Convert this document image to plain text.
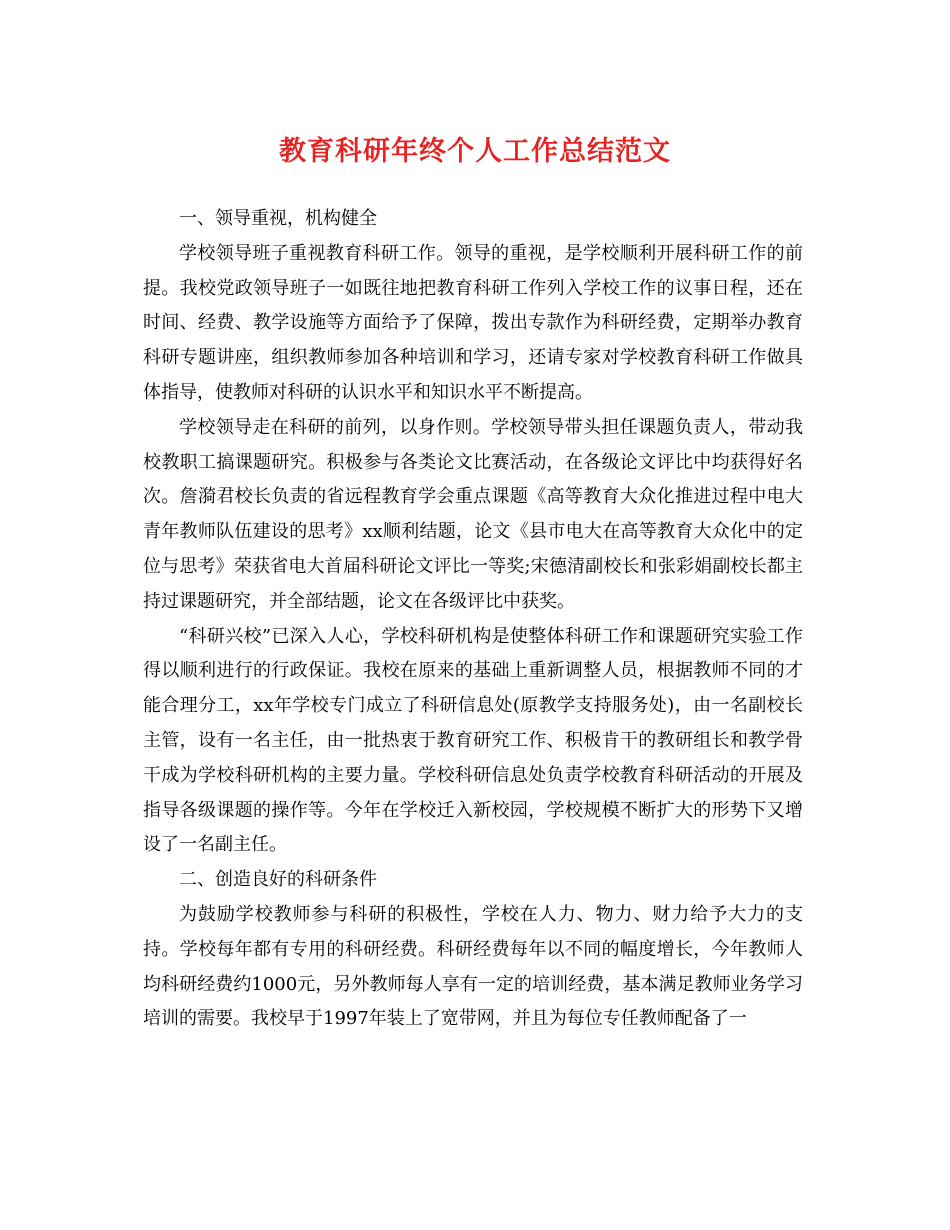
教育科研年终个人工作总结范文

一、领导重视，机构健全

学校领导班子重视教育科研工作。领导的重视，是学校顺利开展科研工作的前提。我校党政领导班子一如既往地把教育科研工作列入学校工作的议事日程，还在时间、经费、教学设施等方面给予了保障，拨出专款作为科研经费，定期举办教育科研专题讲座，组织教师参加各种培训和学习，还请专家对学校教育科研工作做具体指导，使教师对科研的认识水平和知识水平不断提高。

学校领导走在科研的前列，以身作则。学校领导带头担任课题负责人，带动我校教职工搞课题研究。积极参与各类论文比赛活动，在各级论文评比中均获得好名次。詹漪君校长负责的省远程教育学会重点课题《高等教育大众化推进过程中电大青年教师队伍建设的思考》xx顺利结题，论文《县市电大在高等教育大众化中的定位与思考》荣获省电大首届科研论文评比一等奖;宋德清副校长和张彩娟副校长都主持过课题研究，并全部结题，论文在各级评比中获奖。

“科研兴校”已深入人心，学校科研机构是使整体科研工作和课题研究实验工作得以顺利进行的行政保证。我校在原来的基础上重新调整人员，根据教师不同的才能合理分工，xx年学校专门成立了科研信息处(原教学支持服务处)，由一名副校长主管，设有一名主任，由一批热衷于教育研究工作、积极肯干的教研组长和教学骨干成为学校科研机构的主要力量。学校科研信息处负责学校教育科研活动的开展及指导各级课题的操作等。今年在学校迁入新校园，学校规模不断扩大的形势下又增设了一名副主任。

二、创造良好的科研条件

为鼓励学校教师参与科研的积极性，学校在人力、物力、财力给予大力的支持。学校每年都有专用的科研经费。科研经费每年以不同的幅度增长，今年教师人均科研经费约1000元，另外教师每人享有一定的培训经费，基本满足教师业务学习培训的需要。我校早于1997年装上了宽带网，并且为每位专任教师配备了一
